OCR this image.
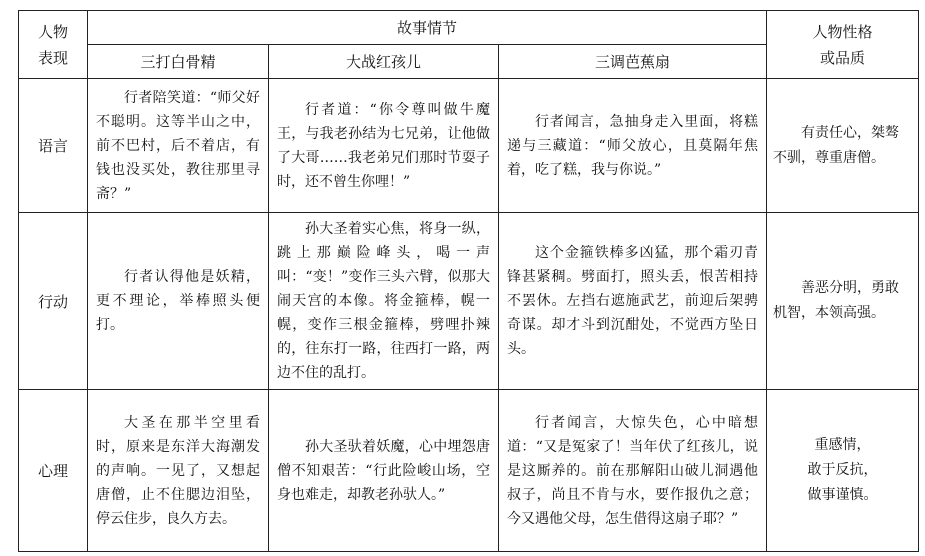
人物
表现	故事情节			人物性格
或品质
	三打白骨精	大战红孩儿	三调芭蕉扇	
语言	行者陪笑道：“师父好不聪明。这等半山之中，前不巴村，后不着店，有钱也没买处，教往那里寻斋？”	行者道：“你令尊叫做牛魔王，与我老孙结为七兄弟，让他做了大哥……我老弟兄们那时节耍子时，还不曾生你哩！”	行者闻言，急抽身走入里面，将糕递与三藏道：“师父放心，且莫隔年焦着，吃了糕，我与你说。”	有责任心，桀骜不驯，尊重唐僧。

行动	行者认得他是妖精，更不理论，举棒照头便打。	孙大圣着实心焦，将身一纵，跳上那巅险峰头，喝一声叫：“变！”变作三头六臂，似那大闹天宫的本像。将金箍棒，幌一幌，变作三根金箍棒，劈哩扑辣的，往东打一路，往西打一路，两边不住的乱打。	这个金箍铁棒多凶猛，那个霜刃青锋甚紧稠。劈面打，照头丢，恨苦相持不罢休。左挡右遮施武艺，前迎后架骋奇谋。却才斗到沉酣处，不觉西方坠日头。	善恶分明，勇敢机智，本领高强。

心理	大圣在那半空里看时，原来是东洋大海潮发的声响。一见了，又想起唐僧，止不住腮边泪坠，停云住步，良久方去。	孙大圣驮着妖魔，心中埋怨唐僧不知艰苦：“行此险峻山场，空身也难走，却教老孙驮人。”	行者闻言，大惊失色，心中暗想道：“又是冤家了！当年伏了红孩儿，说是这厮养的。前在那解阳山破儿洞遇他叔子，尚且不肯与水，要作报仇之意；今又遇他父母，怎生借得这扇子耶？”	重感情，
敢于反抗，
做事谨慎。
